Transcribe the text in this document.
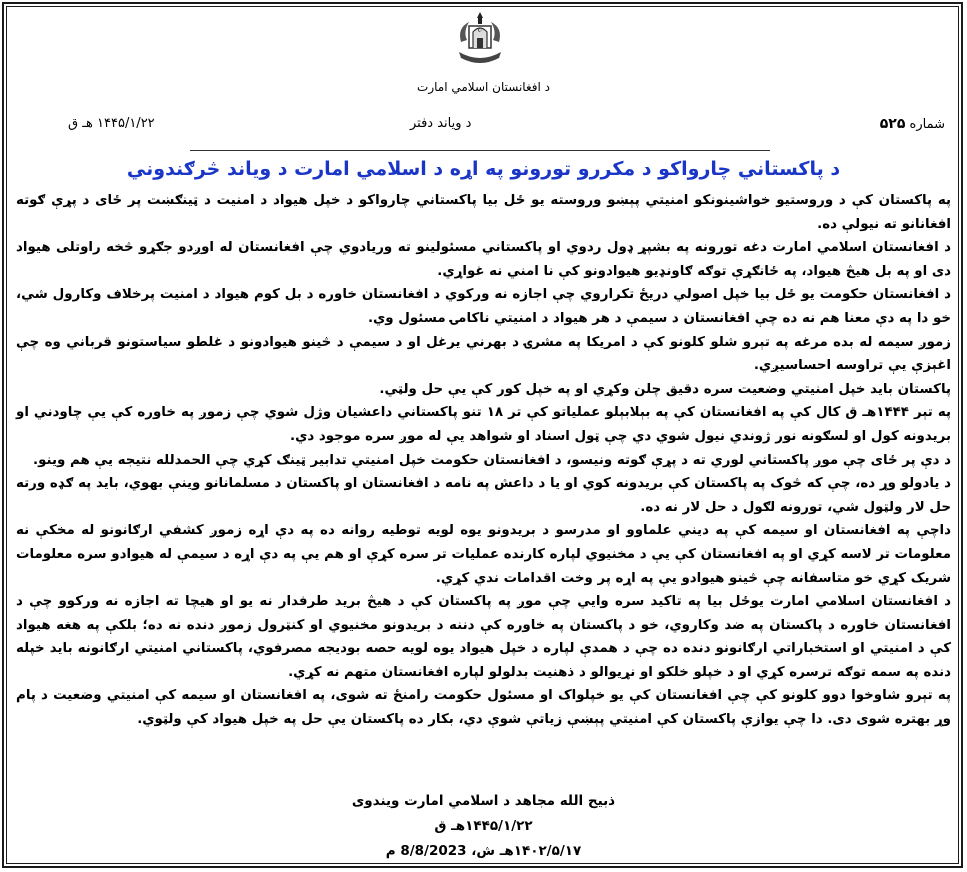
☪
د افغانستان اسلامي امارت
شماره ۵۲۵
د ویاند دفتر
۱۴۴۵/۱/۲۲ هـ ق
د پاکستاني چارواکو د مکررو تورونو په اړه د اسلامي امارت د ویاند څرګندوني

په پاکستان کې د وروستیو خواشینونکو امنیتي پېښو وروسته یو ځل بیا پاکستاني چارواکو د خپل هیواد د امنیت د ټینګښت پر ځای د پړې ګوته افغانانو ته نیولې ده.

د افغانستان اسلامي امارت دغه تورونه په بشپړ ډول ردوي او پاکستاني مسئولینو ته وریادوي چې افغانستان له اوږدو جګړو څخه راوتلی هیواد دی او په بل هیڅ هیواد، په ځانګړې توګه ګاونډیو هیوادونو کې نا امني نه غواړي.

د افغانستان حکومت یو ځل بیا خپل اصولي دریځ تکراروي چې اجازه نه ورکوي د افغانستان خاوره د بل کوم هیواد د امنیت پرخلاف وکارول شي، خو دا په دې معنا هم نه ده چې افغانستان د سیمې د هر هیواد د امنیتي ناکامۍ مسئول وي.

زموږ سیمه له بده مرغه په تېرو شلو کلونو کې د امریکا په مشرۍ د بهرني یرغل او د سیمې د څینو هیوادونو د غلطو سیاستونو قرباني وه چې اغېزې یې تراوسه احساسیږي.

پاکستان باید خپل امنیتي وضعیت سره دقیق چلن وکړي او په خپل کور کې یې حل ولټي.

په تېر ۱۴۴۴هـ ق کال کې په افغانستان کې په بېلابېلو عملیاتو کې تر ۱۸ تنو پاکستاني داعشیان وژل شوي چې زموږ په خاوره کې یې چاودني او بریدونه کول او لسګونه نور ژوندي نیول شوي دي چې ټول اسناد او شواهد یې له موږ سره موجود دي.

د دې پر ځای چې موږ پاکستاني لوري ته د پړې ګوته ونیسو، د افغانستان حکومت خپل امنیتي تدابیر ټینګ کړي چې الحمدلله نتیجه یې هم وینو.

د یادولو وړ ده، چې که څوک په پاکستان کې بریدونه کوي او یا د داعش په نامه د افغانستان او پاکستان د مسلمانانو وینې بهوي، باید په ګډه ورته حل لار ولټول شي، تورونه لګول د حل لار نه ده.

داچې په افغانستان او سیمه کې په دیني علماوو او مدرسو د بریدونو یوه لویه توطیه روانه ده په دې اړه زموږ کشفي ارګانونو له مخکې نه معلومات تر لاسه کړي او په افغانستان کې یې د مخنیوي لپاره کارنده عملیات تر سره کړې او هم یې په دې اړه د سیمې له هیوادو سره معلومات شریک کړي خو متاسفانه چې څینو هیوادو یې په اړه پر وخت اقدامات ندي کړي.

د افغانستان اسلامي امارت یوځل بیا په تاکید سره وایي چې موږ په پاکستان کې د هیڅ برید طرفدار نه یو او هیچا ته اجازه نه ورکوو چې د افغانستان خاوره د پاکستان په ضد وکاروي، خو د پاکستان په خاوره کې دننه د بریدونو مخنیوي او کنټرول زموږ دنده نه ده؛ بلکې په هغه هیواد کې د امنیتي او استخباراتي ارګانونو دنده ده چې د همدې لپاره د خپل هیواد یوه لویه حصه بودیجه مصرفوي، پاکستاني امنیتي ارګانونه باید خپله دنده په سمه توګه ترسره کړي او د خپلو خلکو او نړیوالو د ذهنیت بدلولو لپاره افغانستان متهم نه کړي.

په تېرو شاوخوا دوو کلونو کې چې افغانستان کې یو خپلواک او مسئول حکومت رامنځ ته شوی، په افغانستان او سیمه کې امنیتي وضعیت د پام وړ بهتره شوی دی. دا چې یوازې پاکستان کې امنیتي پېښې زیاتې شوې دي، بکار ده پاکستان یې حل په خپل هیواد کې ولټوي.

ذبیح الله مجاهد د اسلامي امارت ویندوی
۱۴۴۵/۱/۲۲هـ ق
۱۴۰۲/۵/۱۷هـ ش، 8/8/2023 م
